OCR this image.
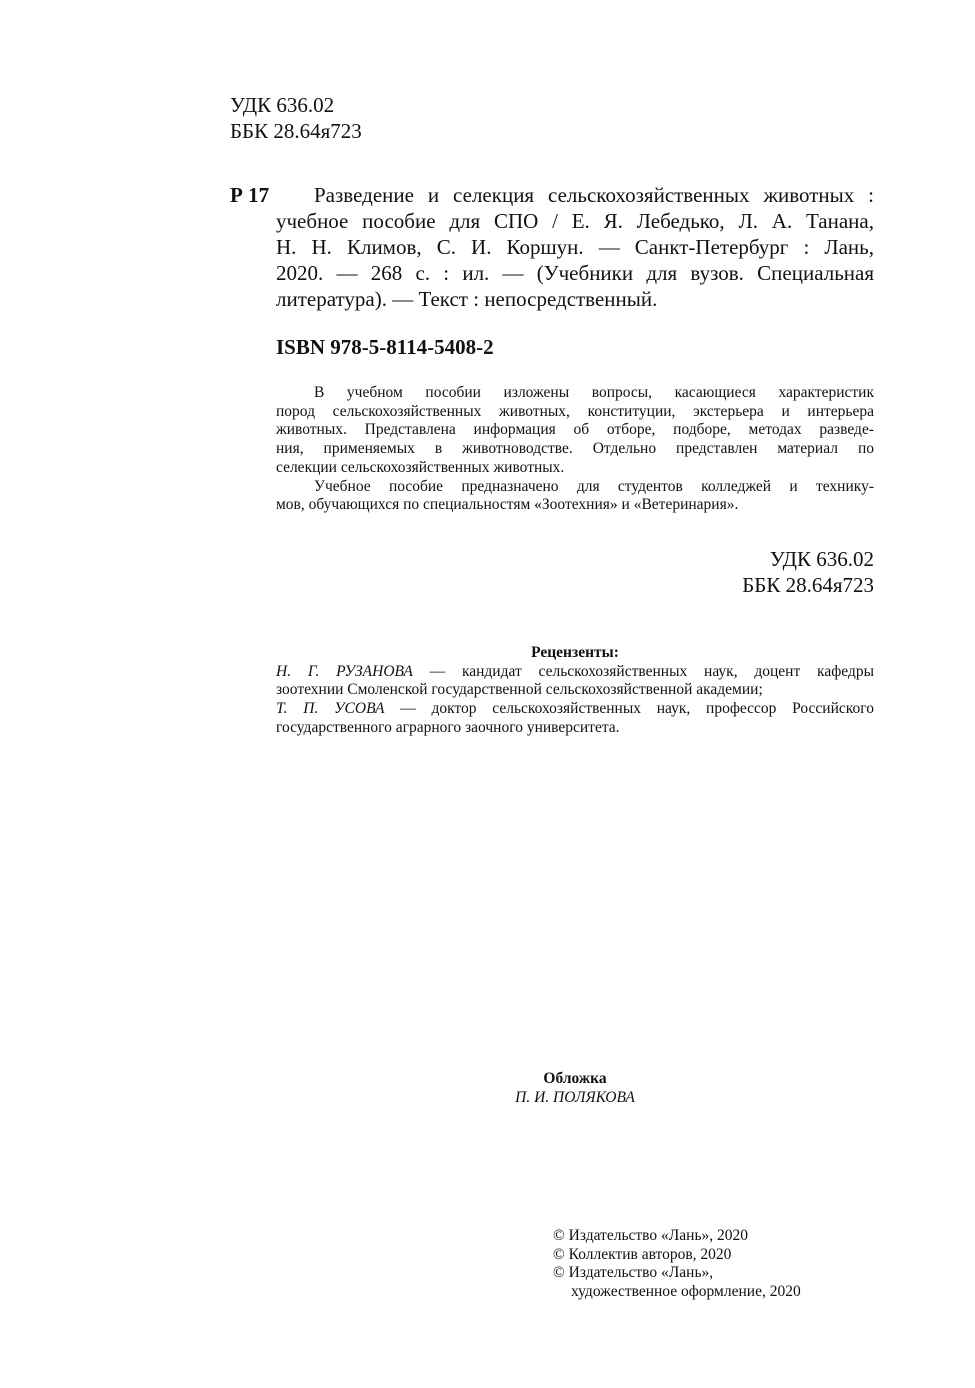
УДК 636.02
ББК 28.64я723
Р 17 Разведение и селекция сельскохозяйственных животных :
учебное пособие для СПО / Е. Я. Лебедько, Л. А. Танана,
Н. Н. Климов, С. И. Коршун. — Санкт-Петербург : Лань,
2020. — 268 с. : ил. — (Учебники для вузов. Специальная
литература). — Текст : непосредственный.
ISBN 978-5-8114-5408-2
В учебном пособии изложены вопросы, касающиеся характеристик
пород сельскохозяйственных животных, конституции, экстерьера и интерьера
животных. Представлена информация об отборе, подборе, методах разведе-
ния, применяемых в животноводстве. Отдельно представлен материал по
селекции сельскохозяйственных животных.
Учебное пособие предназначено для студентов колледжей и технику-
мов, обучающихся по специальностям «Зоотехния» и «Ветеринария».
УДК 636.02
ББК 28.64я723
Рецензенты:
Н. Г. РУЗАНОВА — кандидат сельскохозяйственных наук, доцент кафедры
зоотехнии Смоленской государственной сельскохозяйственной академии;
Т. П. УСОВА — доктор сельскохозяйственных наук, профессор Российского
государственного аграрного заочного университета.
Обложка
П. И. ПОЛЯКОВА
© Издательство «Лань», 2020
© Коллектив авторов, 2020
© Издательство «Лань»,
художественное оформление, 2020
